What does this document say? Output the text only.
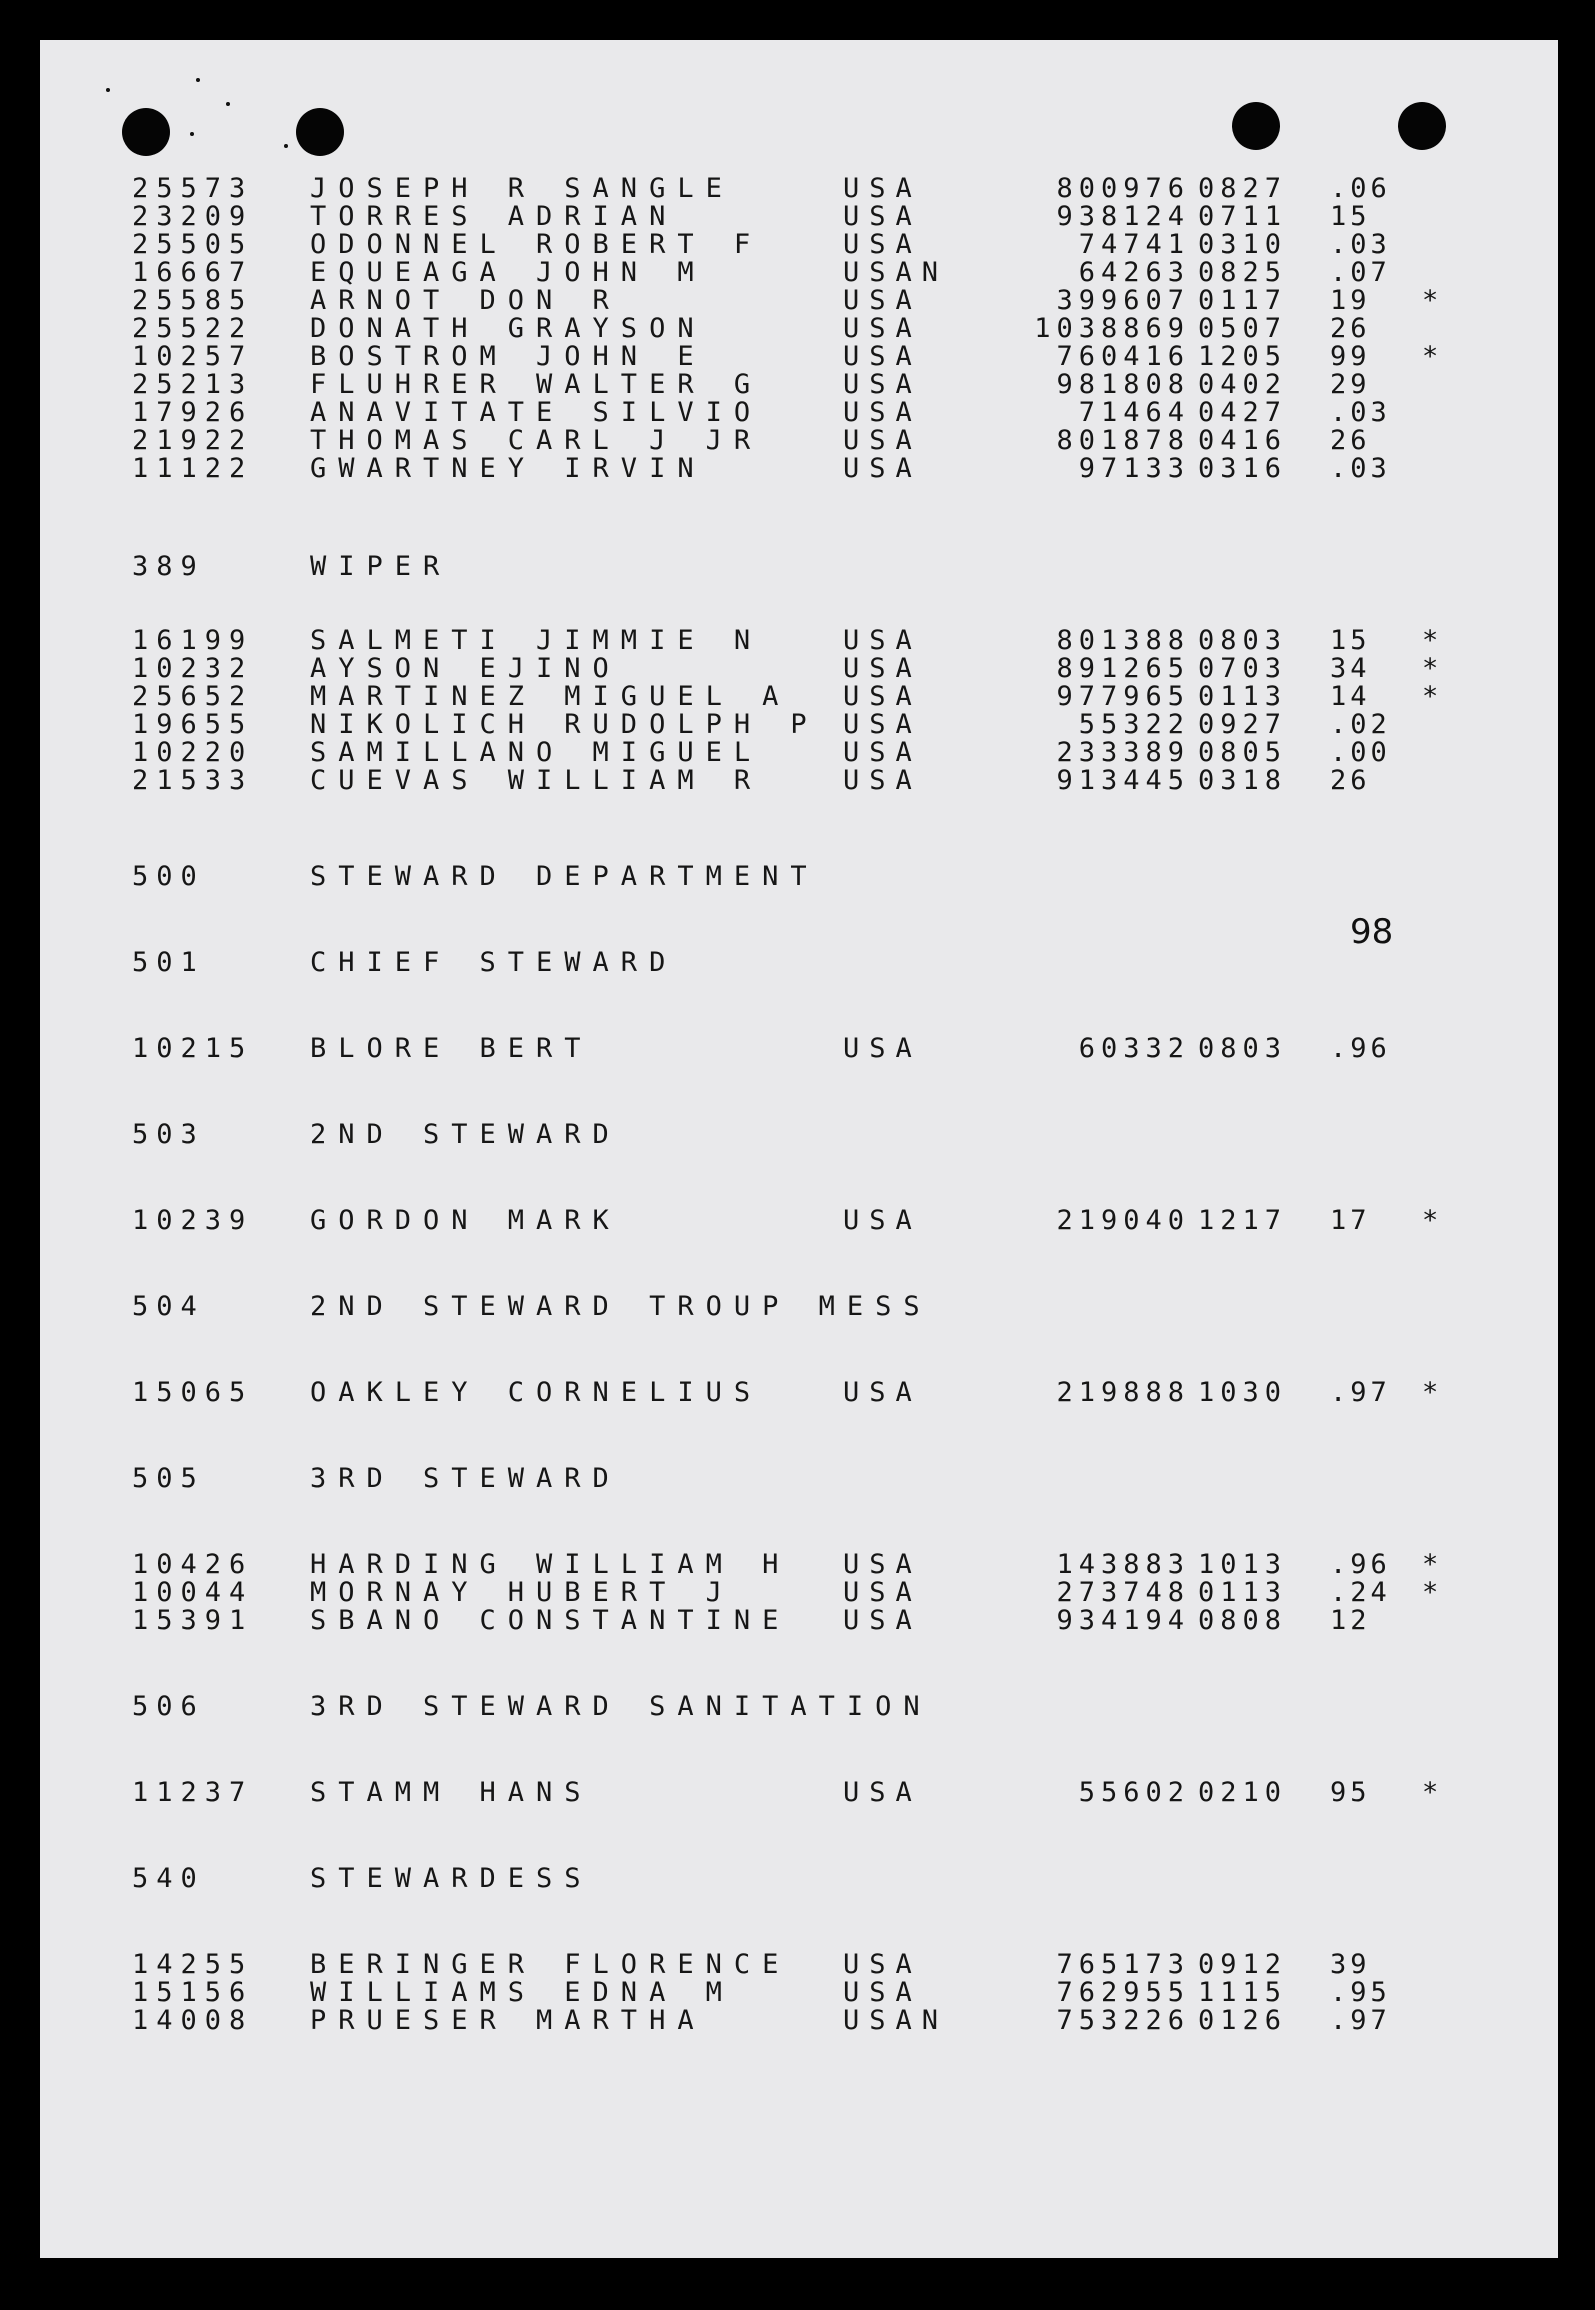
98
25573 JOSEPH R SANGLE	USA	800976 0827 .06
23209 TORRES ADRIAN	USA	938124 0711 15
25505 ODONNEL ROBERT F	USA	74741 0310 .03
16667 EQUEAGA JOHN M	USAN	64263 0825 .07
25585 ARNOT DON R	USA	399607 0117 19 *
25522 DONATH GRAYSON	USA	1038869 0507 26
10257 BOSTROM JOHN E	USA	760416 1205 99 *
25213 FLUHRER WALTER G	USA	981808 0402 29
17926 ANAVITATE SILVIO	USA	71464 0427 .03
21922 THOMAS CARL J JR	USA	801878 0416 26
11122 GWARTNEY IRVIN	USA	97133 0316 .03
389	WIPER
16199 SALMETI JIMMIE N	USA	801388 0803 15 *
10232 AYSON EJINO	USA	891265 0703 34 *
25652 MARTINEZ MIGUEL A USA	977965 0113 14 *
19655 NIKOLICH RUDOLPH P USA	55322 0927 .02
10220 SAMILLANO MIGUEL	USA	233389 0805 .00
21533 CUEVAS WILLIAM R	USA	913445 0318 26
500	STEWARD DEPARTMENT
501	CHIEF STEWARD
10215 BLORE BERT	USA	60332 0803 .96
503	2ND STEWARD
10239 GORDON MARK	USA	219040 1217 17 *
504	2ND STEWARD TROUP MESS
15065 OAKLEY CORNELIUS	USA	219888 1030 .97 *
505	3RD STEWARD
10426 HARDING WILLIAM H USA	143883 1013 .96 *
10044 MORNAY HUBERT J	USA	273748 0113 .24 *
15391 SBANO CONSTANTINE USA	934194 0808 12
506	3RD STEWARD SANITATION
11237 STAMM HANS	USA	55602 0210 95 *
540	STEWARDESS
14255 BERINGER FLORENCE USA	765173 0912 39
15156 WILLIAMS EDNA M	USA	762955 1115 .95
14008 PRUESER MARTHA	USAN	753226 0126 .97
